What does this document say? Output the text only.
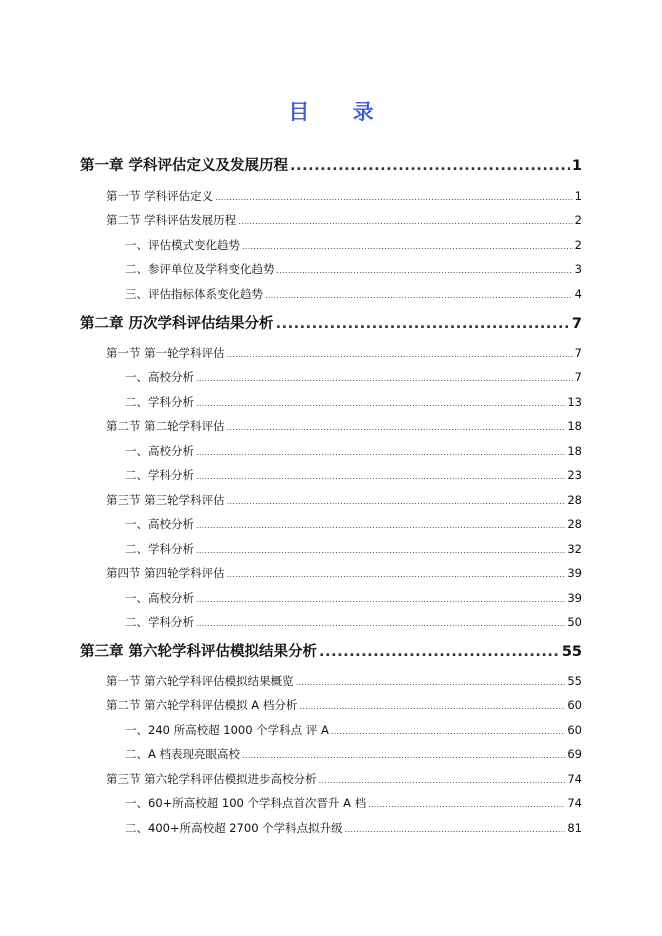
目 录
第一章 学科评估定义及发展历程 .....	1
第一节 学科评估定义 .....	1
第二节 学科评估发展历程 .....	2
一、评估模式变化趋势 .....	2
二、参评单位及学科变化趋势 .....	3
三、评估指标体系变化趋势 .....	4
第二章 历次学科评估结果分析 .....	7
第一节 第一轮学科评估 .....	7
一、高校分析 .....	7
二、学科分析 .....	13
第二节 第二轮学科评估 .....	18
一、高校分析 .....	18
二、学科分析 .....	23
第三节 第三轮学科评估 .....	28
一、高校分析 .....	28
二、学科分析 .....	32
第四节 第四轮学科评估 .....	39
一、高校分析 .....	39
二、学科分析 .....	50
第三章 第六轮学科评估模拟结果分析 .....	55
第一节 第六轮学科评估模拟结果概览 .....	55
第二节 第六轮学科评估模拟 A 档分析 .....	60
一、240 所高校超 1000 个学科点 评 A .....	60
二、A 档表现亮眼高校 .....	69
第三节 第六轮学科评估模拟进步高校分析 .....	74
一、60+所高校超 100 个学科点首次晋升 A 档 .....	74
二、400+所高校超 2700 个学科点拟升级 .....	81
